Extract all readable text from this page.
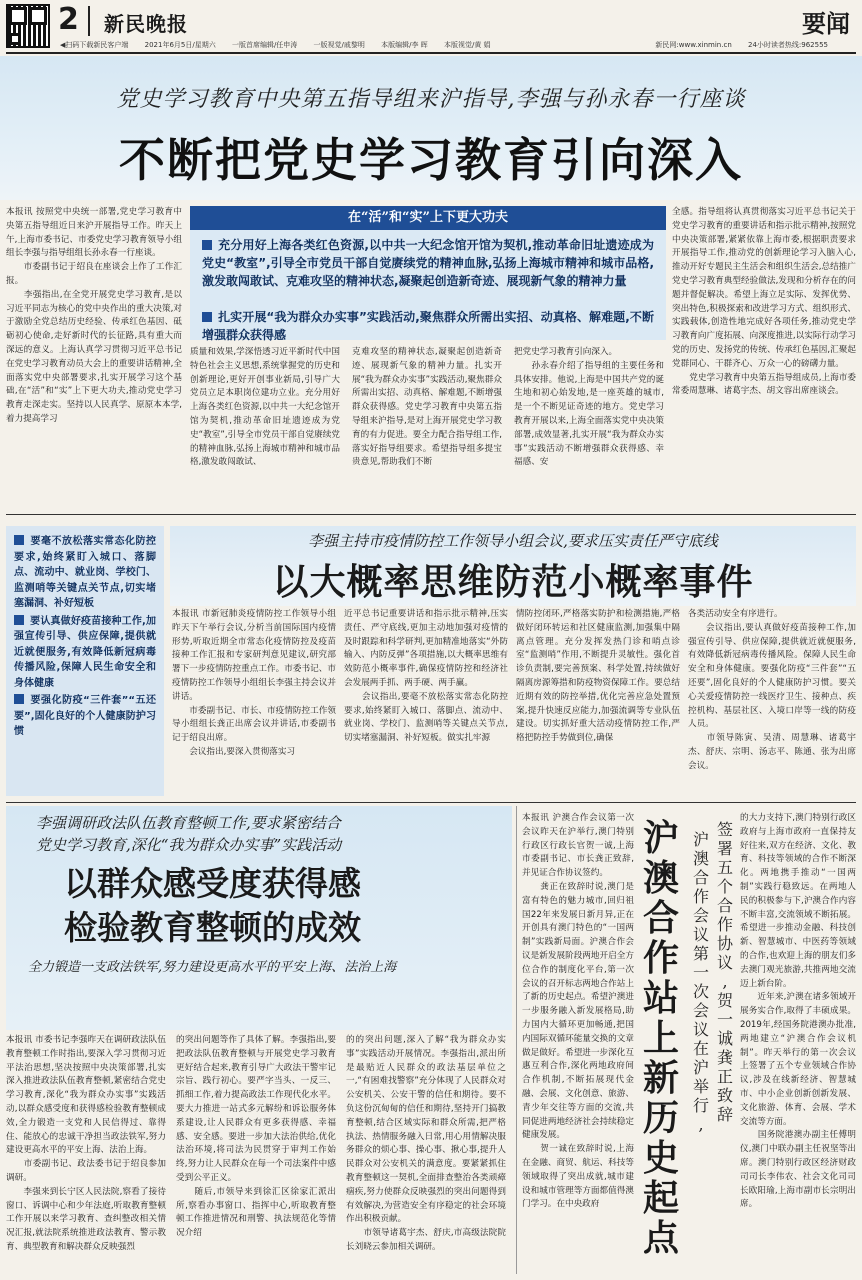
2 新民晚报	要闻
◀扫码下载新民客户端 2021年6月5日/星期六 一版首席编辑/任申涛 一版视觉/戚黎明 本版编辑/李 晖 本版视觉/黄 娟	新民网:www.xinmin.cn 24小时读者热线:962555
党史学习教育中央第五指导组来沪指导,李强与孙永春一行座谈
不断把党史学习教育引向深入
本报讯 按照党中央统一部署,党史学习教育中央第五指导组近日来沪开展指导工作。昨天上午,上海市委书记、市委党史学习教育领导小组组长李强与指导组组长孙永春一行座谈。
　　市委副书记于绍良在座谈会上作了工作汇报。
　　李强指出,在全党开展党史学习教育,是以习近平同志为核心的党中央作出的重大决策,对于激励全党总结历史经验、传承红色基因、砥砺初心使命,走好新时代的长征路,具有重大而深远的意义。上海认真学习贯彻习近平总书记在党史学习教育动员大会上的重要讲话精神,全面落实党中央部署要求,扎实开展学习这个基础,在“活”和“实”上下更大功夫,推动党史学习教育走深走实。坚持以人民真学、原原本本学,着力提高学习
在“活”和“实”上下更大功夫
充分用好上海各类红色资源,以中共一大纪念馆开馆为契机,推动革命旧址遗迹成为党史“教室”,引导全市党员干部自觉赓续党的精神血脉,弘扬上海城市精神和城市品格,激发敢闯敢试、克难攻坚的精神状态,凝聚起创造新奇迹、展现新气象的精神力量
扎实开展“我为群众办实事”实践活动,聚焦群众所需出实招、动真格、解难题,不断增强群众获得感
全感。指导组将认真贯彻落实习近平总书记关于党史学习教育的重要讲话和指示批示精神,按照党中央决策部署,紧紧依靠上海市委,根据职责要求开展指导工作,推动党的创新理论学习入脑入心,推动开好专题民主生活会和组织生活会,总结推广党史学习教育典型经验做法,发现和分析存在的问题并督促解决。希望上海立足实际、发挥优势、突出特色,积极探索和改进学习方式、组织形式、实践载体,创造性地完成好各项任务,推动党史学习教育向广度拓展、向深度推进,以实际行动学习党的历史、发扬党的传统、传承红色基因,汇聚起党群同心、干群齐心、万众一心的磅礴力量。
　　党史学习教育中央第五指导组成员,上海市委常委周慧琳、诸葛宇杰、胡文容出席座谈会。
质量和效果,学深悟透习近平新时代中国特色社会主义思想,系统掌握党的历史和创新理论,更好开创事业新局,引导广大党员立足本职岗位建功立业。充分用好上海各类红色资源,以中共一大纪念馆开馆为契机,推动革命旧址遗迹成为党史“教室”,引导全市党员干部自觉赓续党的精神血脉,弘扬上海城市精神和城市品格,激发敢闯敢试、
克难攻坚的精神状态,凝聚起创造新奇迹、展现新气象的精神力量。扎实开展“我为群众办实事”实践活动,聚焦群众所需出实招、动真格、解难题,不断增强群众获得感。党史学习教育中央第五指导组来沪指导,是对上海开展党史学习教育的有力促进。要全力配合指导组工作,落实好指导组要求。希望指导组多提宝贵意见,帮助我们不断
把党史学习教育引向深入。
　　孙永春介绍了指导组的主要任务和具体安排。他说,上海是中国共产党的诞生地和初心始发地,是一座英雄的城市,是一个不断见证奇迹的地方。党史学习教育开展以来,上海全面落实党中央决策部署,成效显著,扎实开展“我为群众办实事”实践活动不断增强群众获得感、幸福感、安

要毫不放松落实常态化防控要求,始终紧盯入城口、落脚点、流动中、就业岗、学校门、监测哨等关键点关节点,切实堵塞漏洞、补好短板

要认真做好疫苗接种工作,加强宣传引导、供应保障,提供就近就便服务,有效降低新冠病毒传播风险,保障人民生命安全和身体健康

要强化防疫“三件套”“五还要”,固化良好的个人健康防护习惯

李强主持市疫情防控工作领导小组会议,要求压实责任严守底线
以大概率思维防范小概率事件
本报讯 市新冠肺炎疫情防控工作领导小组昨天下午举行会议,分析当前国际国内疫情形势,听取近期全市常态化疫情防控及疫苗接种工作汇报和专家研判意见建议,研究部署下一步疫情防控重点工作。市委书记、市疫情防控工作领导小组组长李强主持会议并讲话。
　　市委副书记、市长、市疫情防控工作领导小组组长龚正出席会议并讲话,市委副书记于绍良出席。
　　会议指出,要深入贯彻落实习
近平总书记重要讲话和指示批示精神,压实责任、严守底线,更加主动地加强对疫情的及时跟踪和科学研判,更加精准地落实“外防输入、内防反弹”各项措施,以大概率思维有效防范小概率事件,确保疫情防控和经济社会发展两手抓、两手硬、两手赢。
　　会议指出,要毫不放松落实常态化防控要求,始终紧盯入城口、落脚点、流动中、就业岗、学校门、监测哨等关键点关节点,切实堵塞漏洞、补好短板。做实扎牢源
情防控闭环,严格落实防护和检测措施,严格做好闭环转运和社区健康监测,加强集中隔离点管理。充分发挥发热门诊和哨点诊室“监测哨”作用,不断提升灵敏性。强化首诊负责制,要完善预案、科学处置,持续做好隔离房源筹措和防疫物资保障工作。要总结近期有效的防控举措,优化完善应急处置预案,提升快速反应能力,加强流调等专业队伍建设。切实抓好重大活动疫情防控工作,严格把防控手势做到位,确保
各类活动安全有序进行。
　　会议指出,要认真做好疫苗接种工作,加强宣传引导、供应保障,提供就近就便服务,有效降低新冠病毒传播风险。保障人民生命安全和身体健康。要强化防疫“三件套”“五还要”,固化良好的个人健康防护习惯。要关心关爱疫情防控一线医疗卫生、接种点、疾控机构、基层社区、入境口岸等一线的防疫人员。
　　市领导陈寅、吴清、周慧琳、诸葛宇杰、舒庆、宗明、汤志平、陈通、张为出席会议。
李强调研政法队伍教育整顿工作,要求紧密结合
党史学习教育,深化“我为群众办实事”实践活动
以群众感受度获得感
检验教育整顿的成效
全力锻造一支政法铁军,努力建设更高水平的平安上海、法治上海
本报讯 市委书记李强昨天在调研政法队伍教育整顿工作时指出,要深入学习贯彻习近平法治思想,坚决按照中央决策部署,扎实深入推进政法队伍教育整顿,紧密结合党史学习教育,深化“我为群众办实事”实践活动,以群众感受度和获得感检验教育整顿成效,全力锻造一支党和人民信得过、靠得住、能放心的忠诚干净担当政法铁军,努力建设更高水平的平安上海、法治上海。
　　市委副书记、政法委书记于绍良参加调研。
　　李强来到长宁区人民法院,察看了接待窗口、诉调中心和少年法庭,听取教育整顿工作开展以来学习教育、查纠整改相关情况汇报,就法院系统推进政法教育、警示教育、典型教育和解决群众反映强烈
的突出问题等作了具体了解。李强指出,要把政法队伍教育整顿与开展党史学习教育更好结合起来,教育引导广大政法干警牢记宗旨、践行初心。要严字当头、一反三、抓细工作,着力提高政法工作现代化水平。要大力推进一站式多元解纷和诉讼服务体系建设,让人民群众有更多获得感、幸福感、安全感。要进一步加大法治供给,优化法治环境,将司法为民贯穿于审判工作始终,努力让人民群众在每一个司法案件中感受到公平正义。
　　随后,市领导来到徐汇区徐家汇派出所,察看办事窗口、指挥中心,听取教育整顿工作推进情况和刑警、执法规范化等情况介绍
的的突出问题,深入了解“我为群众办实事”实践活动开展情况。李强指出,派出所是最贴近人民群众的政法基层单位之一,“有困难找警察”充分体现了人民群众对公安机关、公安干警的信任和期待。要不负这份沉甸甸的信任和期待,坚持开门搞教育整顿,结合区域实际和群众所需,把严格执法、热情服务融入日常,用心用情解决服务群众的烦心事、操心事、揪心事,提升人民群众对公安机关的满意度。要紧紧抓住教育整顿这一契机,全面排查整治各类顽瘴痼疾,努力使群众反映强烈的突出问题得到有效解决,为营造安全有序稳定的社会环境作出积极贡献。
　　市领导诸葛宇杰、舒庆,市高级法院院长刘晓云参加相关调研。
本报讯 沪澳合作会议第一次会议昨天在沪举行,澳门特别行政区行政长官贺一诚,上海市委副书记、市长龚正致辞,并见证合作协议签约。
　　龚正在致辞时说,澳门是富有特色的魅力城市,回归祖国22年来发展日新月异,正在开创具有澳门特色的“一国两制”实践新局面。沪澳合作会议是新发展阶段两地开启全方位合作的制度化平台,第一次会议的召开标志两地合作站上了新的历史起点。希望沪澳进一步服务融入新发展格局,助力国内大循环更加畅通,把国内国际双循环能量交换的文章做足做好。希望进一步深化互惠互利合作,深化两地政府间合作机制,不断拓展现代金融、会展、文化创意、旅游、青少年交往等方面的交流,共同促进两地经济社会持续稳定健康发展。
　　贺一诚在致辞时说,上海在金融、商贸、航运、科技等领域取得了突出成就,城市建设和城市管理等方面都值得澳门学习。在中央政府
沪
澳
合
作
站
上
新
历
史
起
点
沪
澳
合
作
会
议
第
一
次
会
议
在
沪
举
行
,
签
署
五
个
合
作
协
议
,
贺
一
诚
龚
正
致
辞
的大力支持下,澳门特别行政区政府与上海市政府一直保持友好往来,双方在经济、文化、教育、科技等领域的合作不断深化。两地携手推动“一国两制”实践行稳致远。在两地人民的积极参与下,沪澳合作内容不断丰富,交流领域不断拓展。希望进一步推动金融、科技创新、智慧城市、中医药等领域的合作,也欢迎上海的朋友们多去澳门观光旅游,共推两地交流迈上新台阶。
　　近年来,沪澳在诸多领域开展务实合作,取得了丰硕成果。2019年,经国务院港澳办批准,两地建立“沪澳合作会议机制”。昨天举行的第一次会议上签署了五个专业领域合作协议,涉及在线新经济、智慧城市、中小企业创新创新发展、文化旅游、体育、会展、学术交流等方面。
　　国务院港澳办副主任傅明仪,澳门中联办副主任祝坚等出席。澳门特别行政区经济财政司司长李伟农、社会文化司司长欧阳瑜,上海市副市长宗明出席。
